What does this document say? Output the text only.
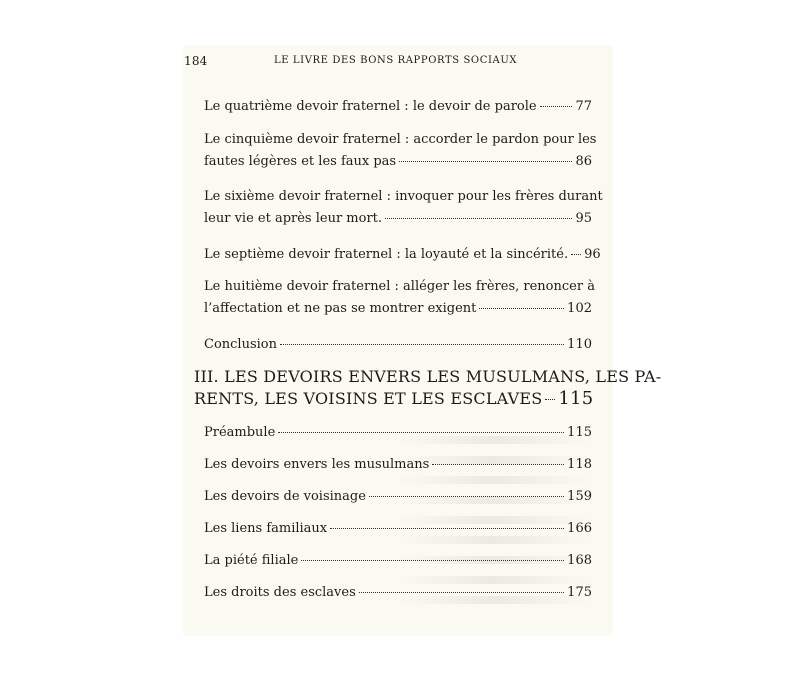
184	LE LIVRE DES BONS RAPPORTS SOCIAUX
Le quatrième devoir fraternel : le devoir de parole	77
Le cinquième devoir fraternel : accorder le pardon pour les
fautes légères et les faux pas	86
Le sixième devoir fraternel : invoquer pour les frères durant
leur vie et après leur mort.	95
Le septième devoir fraternel : la loyauté et la sincérité. 96
Le huitième devoir fraternel : alléger les frères, renoncer à
l’affectation et ne pas se montrer exigent	102
Conclusion	110
III. LES DEVOIRS ENVERS LES MUSULMANS, LES PA-
RENTS, LES VOISINS ET LES ESCLAVES 115
Préambule	115
Les devoirs envers les musulmans	118
Les devoirs de voisinage	159
Les liens familiaux	166
La piété filiale	168
Les droits des esclaves	175
